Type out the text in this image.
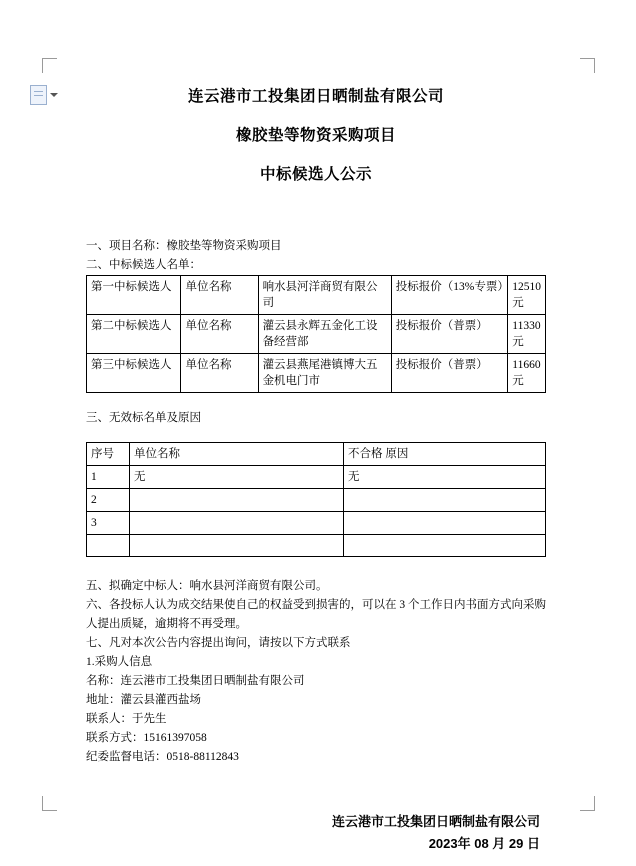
连云港市工投集团日晒制盐有限公司
橡胶垫等物资采购项目
中标候选人公示
一、项目名称：橡胶垫等物资采购项目
二、中标候选人名单：
第一中标候选人	单位名称	响水县河洋商贸有限公司	投标报价（13%专票）	12510 元
第二中标候选人	单位名称	灌云县永辉五金化工设备经营部	投标报价（普票）	11330 元
第三中标候选人	单位名称	灌云县燕尾港镇博大五金机电门市	投标报价（普票）	11660 元
三、无效标名单及原因
序号	单位名称	不合格 原因
1	无	无
2		
3		

五、拟确定中标人：响水县河洋商贸有限公司。

六、各投标人认为成交结果使自己的权益受到损害的，可以在 3 个工作日内书面方式向采购

人提出质疑，逾期将不再受理。

七、凡对本次公告内容提出询问，请按以下方式联系

1.采购人信息

名称：连云港市工投集团日晒制盐有限公司

地址：灌云县灌西盐场

联系人：于先生

联系方式：15161397058

纪委监督电话：0518-88112843

连云港市工投集团日晒制盐有限公司
2023年 08 月 29 日
